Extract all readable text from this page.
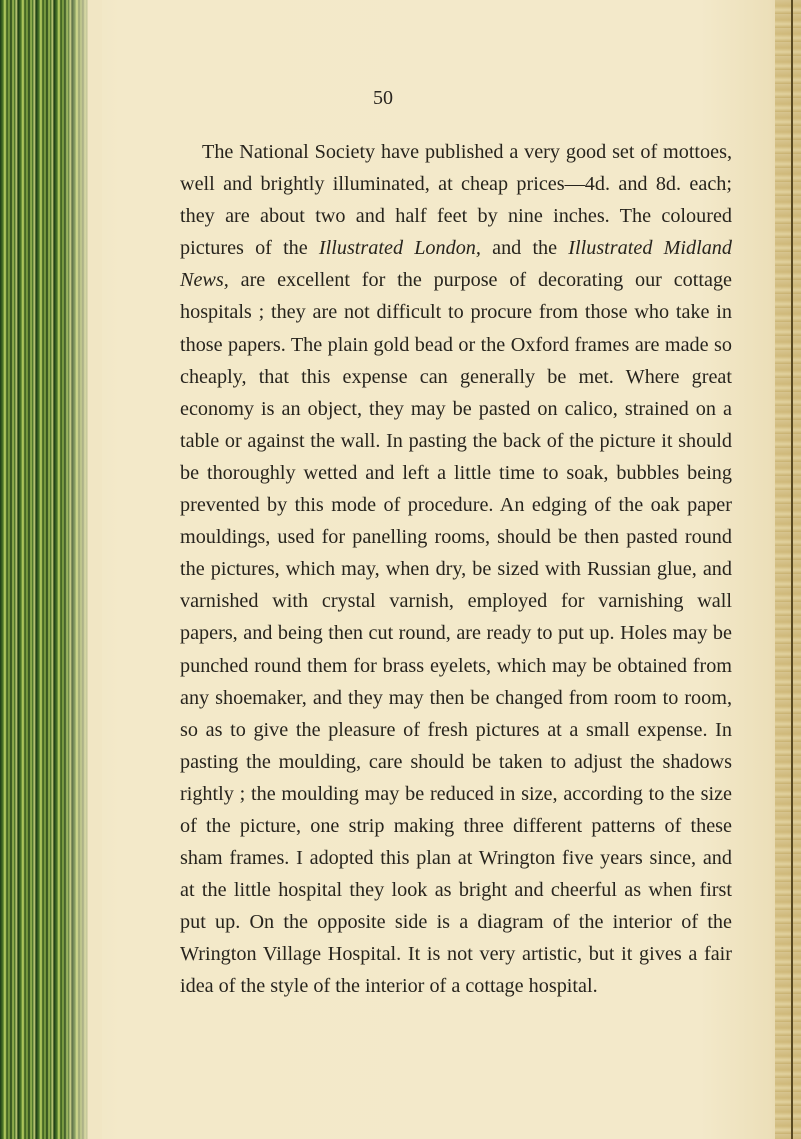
50

The National Society have published a very good set of mottoes, well and brightly illuminated, at cheap prices—4d. and 8d. each; they are about two and half feet by nine inches. The coloured pictures of the Illustrated London, and the Illustrated Midland News, are excellent for the purpose of decorating our cottage hospitals ; they are not difficult to procure from those who take in those papers. The plain gold bead or the Oxford frames are made so cheaply, that this expense can generally be met. Where great economy is an object, they may be pasted on calico, strained on a table or against the wall. In pasting the back of the picture it should be thoroughly wetted and left a little time to soak, bubbles being prevented by this mode of procedure. An edging of the oak paper mouldings, used for panelling rooms, should be then pasted round the pictures, which may, when dry, be sized with Russian glue, and varnished with crystal varnish, employed for varnishing wall papers, and being then cut round, are ready to put up. Holes may be punched round them for brass eyelets, which may be obtained from any shoemaker, and they may then be changed from room to room, so as to give the pleasure of fresh pictures at a small expense. In pasting the moulding, care should be taken to adjust the shadows rightly ; the moulding may be reduced in size, according to the size of the picture, one strip making three different patterns of these sham frames. I adopted this plan at Wrington five years since, and at the little hospital they look as bright and cheerful as when first put up. On the opposite side is a diagram of the interior of the Wrington Village Hospital. It is not very artistic, but it gives a fair idea of the style of the interior of a cottage hospital.
